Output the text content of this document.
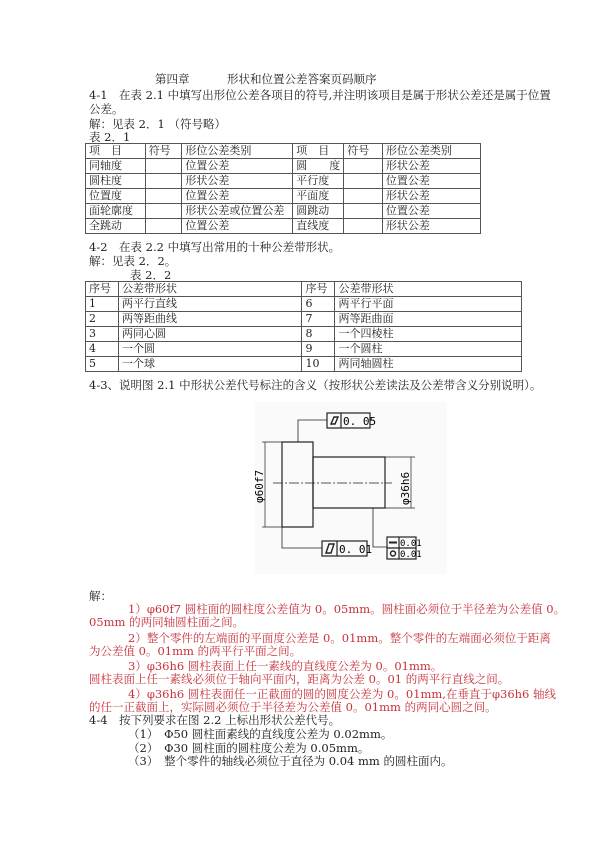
第四章	形状和位置公差答案页码顺序
4-1　在表 2.1 中填写出形位公差各项目的符号,并注明该项目是属于形状公差还是属于位置
公差。
解：见表 2．1 （符号略）
表 2．1
项　目	符号	形位公差类别	项　目	符号	形位公差类别
同轴度		位置公差	圆　　度		形状公差
圆柱度		形状公差	平行度		位置公差
位置度		位置公差	平面度		形状公差
面轮廓度		形状公差或位置公差	圆跳动		位置公差
全跳动		位置公差	直线度		形状公差
4-2　在表 2.2 中填写出常用的十种公差带形状。
解：见表 2．2。
表 2．2
序号	公差带形状	序号	公差带形状
1	两平行直线	6	两平行平面
2	两等距曲线	7	两等距曲面
3	两同心圆	8	一个四棱柱
4	一个圆	9	一个圆柱
5	一个球	10	两同轴圆柱
4-3、说明图 2.1 中形状公差代号标注的含义（按形状公差读法及公差带含义分别说明）。
0. 05
0. 01	0.01
0.01
φ60f7	φ36h6
解：
1）φ60f7 圆柱面的圆柱度公差值为 0。05mm。圆柱面必须位于半径差为公差值 0。
05mm 的两同轴圆柱面之间。
2）整个零件的左端面的平面度公差是 0。01mm。整个零件的左端面必须位于距离
为公差值 0。01mm 的两平行平面之间。
3）φ36h6 圆柱表面上任一素线的直线度公差为 0。01mm。
圆柱表面上任一素线必须位于轴向平面内，距离为公差 0。01 的两平行直线之间。
4）φ36h6 圆柱表面任一正截面的圆的圆度公差为 0。01mm,在垂直于φ36h6 轴线
的任一正截面上，实际圆必须位于半径差为公差值 0。01mm 的两同心圆之间。
4-4　按下列要求在图 2.2 上标出形状公差代号。
（1）　Φ50 圆柱面素线的直线度公差为 0.02mm。
（2）　Φ30 圆柱面的圆柱度公差为 0.05mm。
（3）　整个零件的轴线必须位于直径为 0.04 mm 的圆柱面内。
